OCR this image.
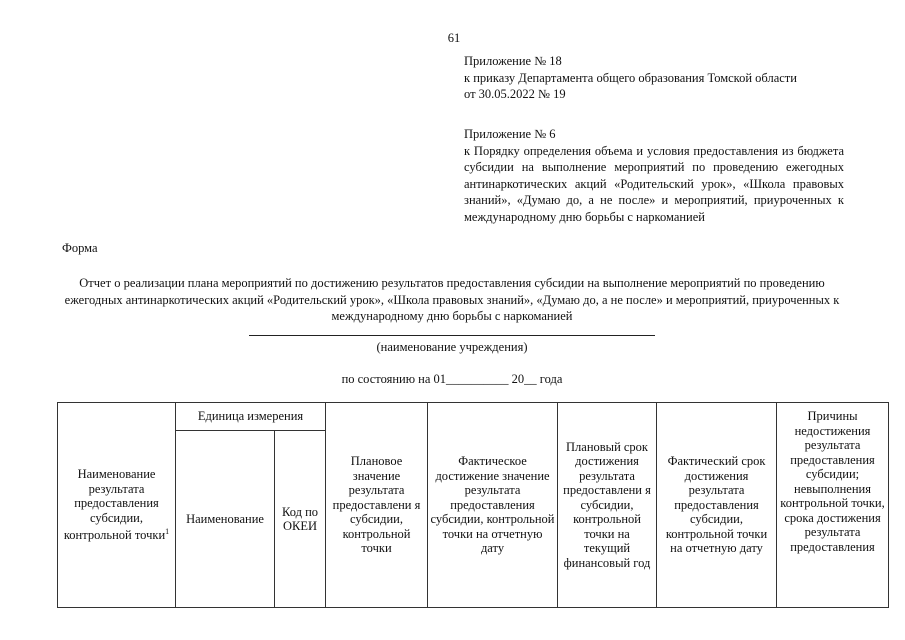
61
Приложение № 18
к приказу Департамента общего образования Томской области
от 30.05.2022 № 19
Приложение № 6
к Порядку определения объема и условия предоставления из бюджета субсидии на выполнение мероприятий по проведению ежегодных антинаркотических акций «Родительский урок», «Школа правовых знаний», «Думаю до, а не после» и мероприятий, приуроченных к международному дню борьбы с наркоманией
Форма
Отчет о реализации плана мероприятий по достижению результатов предоставления субсидии на выполнение мероприятий по проведению ежегодных антинаркотических акций «Родительский урок», «Школа правовых знаний», «Думаю до, а не после» и мероприятий, приуроченных к международному дню борьбы с наркоманией
(наименование учреждения)
по состоянию на 01__________ 20__ года
Наименование результата предоставления субсидии, контрольной точки$^1$	Единица измерения		Плановое значение результата предоставлени я субсидии, контрольной точки	Фактическое достижение значение результата предоставления субсидии, контрольной точки на отчетную дату	Плановый срок достижения результата предоставлени я субсидии, контрольной точки на текущий финансовый год	Фактический срок достижения результата предоставления субсидии, контрольной точки на отчетную дату	Причины недостижения результата предоставления субсидии; невыполнения контрольной точки, срока достижения результата предоставления
	Наименование	Код по ОКЕИ					
